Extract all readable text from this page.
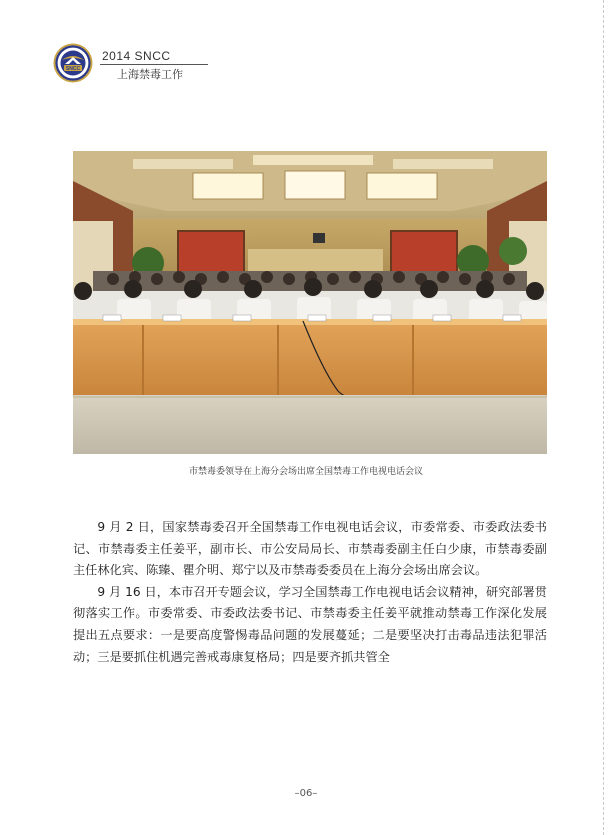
SNCC
2014 SNCC
上海禁毒工作
市禁毒委领导在上海分会场出席全国禁毒工作电视电话会议

9 月 2 日，国家禁毒委召开全国禁毒工作电视电话会议，市委常委、市委政法委书记、市禁毒委主任姜平，副市长、市公安局局长、市禁毒委副主任白少康，市禁毒委副主任林化宾、陈臻、瞿介明、郑宁以及市禁毒委委员在上海分会场出席会议。

9 月 16 日，本市召开专题会议，学习全国禁毒工作电视电话会议精神，研究部署贯彻落实工作。市委常委、市委政法委书记、市禁毒委主任姜平就推动禁毒工作深化发展提出五点要求：一是要高度警惕毒品问题的发展蔓延；二是要坚决打击毒品违法犯罪活动；三是要抓住机遇完善戒毒康复格局；四是要齐抓共管全

–06–
